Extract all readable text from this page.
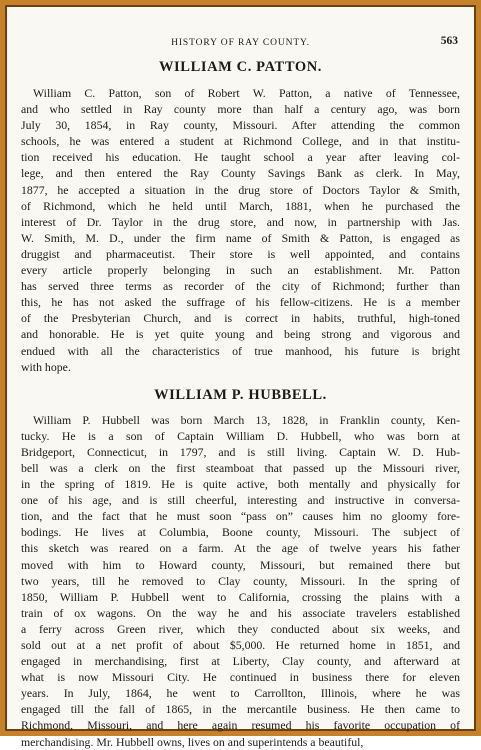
HISTORY OF RAY COUNTY.	563
WILLIAM C. PATTON.
William C. Patton, son of Robert W. Patton, a native of Tennessee,
and who settled in Ray county more than half a century ago, was born
July 30, 1854, in Ray county, Missouri. After attending the common
schools, he was entered a student at Richmond College, and in that institu-
tion received his education. He taught school a year after leaving col-
lege, and then entered the Ray County Savings Bank as clerk. In May,
1877, he accepted a situation in the drug store of Doctors Taylor & Smith,
of Richmond, which he held until March, 1881, when he purchased the
interest of Dr. Taylor in the drug store, and now, in partnership with Jas.
W. Smith, M. D., under the firm name of Smith & Patton, is engaged as
druggist and pharmaceutist. Their store is well appointed, and contains
every article properly belonging in such an establishment. Mr. Patton
has served three terms as recorder of the city of Richmond; further than
this, he has not asked the suffrage of his fellow-citizens. He is a member
of the Presbyterian Church, and is correct in habits, truthful, high-toned
and honorable. He is yet quite young and being strong and vigorous and
endued with all the characteristics of true manhood, his future is bright
with hope.
WILLIAM P. HUBBELL.
William P. Hubbell was born March 13, 1828, in Franklin county, Ken-
tucky. He is a son of Captain William D. Hubbell, who was born at
Bridgeport, Connecticut, in 1797, and is still living. Captain W. D. Hub-
bell was a clerk on the first steamboat that passed up the Missouri river,
in the spring of 1819. He is quite active, both mentally and physically for
one of his age, and is still cheerful, interesting and instructive in conversa-
tion, and the fact that he must soon “pass on” causes him no gloomy fore-
bodings. He lives at Columbia, Boone county, Missouri. The subject of
this sketch was reared on a farm. At the age of twelve years his father
moved with him to Howard county, Missouri, but remained there but
two years, till he removed to Clay county, Missouri. In the spring of
1850, William P. Hubbell went to California, crossing the plains with a
train of ox wagons. On the way he and his associate travelers established
a ferry across Green river, which they conducted about six weeks, and
sold out at a net profit of about $5,000. He returned home in 1851, and
engaged in merchandising, first at Liberty, Clay county, and afterward at
what is now Missouri City. He continued in business there for eleven
years. In July, 1864, he went to Carrollton, Illinois, where he was
engaged till the fall of 1865, in the mercantile business. He then came to
Richmond, Missouri, and here again resumed his favorite occupation of
merchandising. Mr. Hubbell owns, lives on and superintends a beautiful,
